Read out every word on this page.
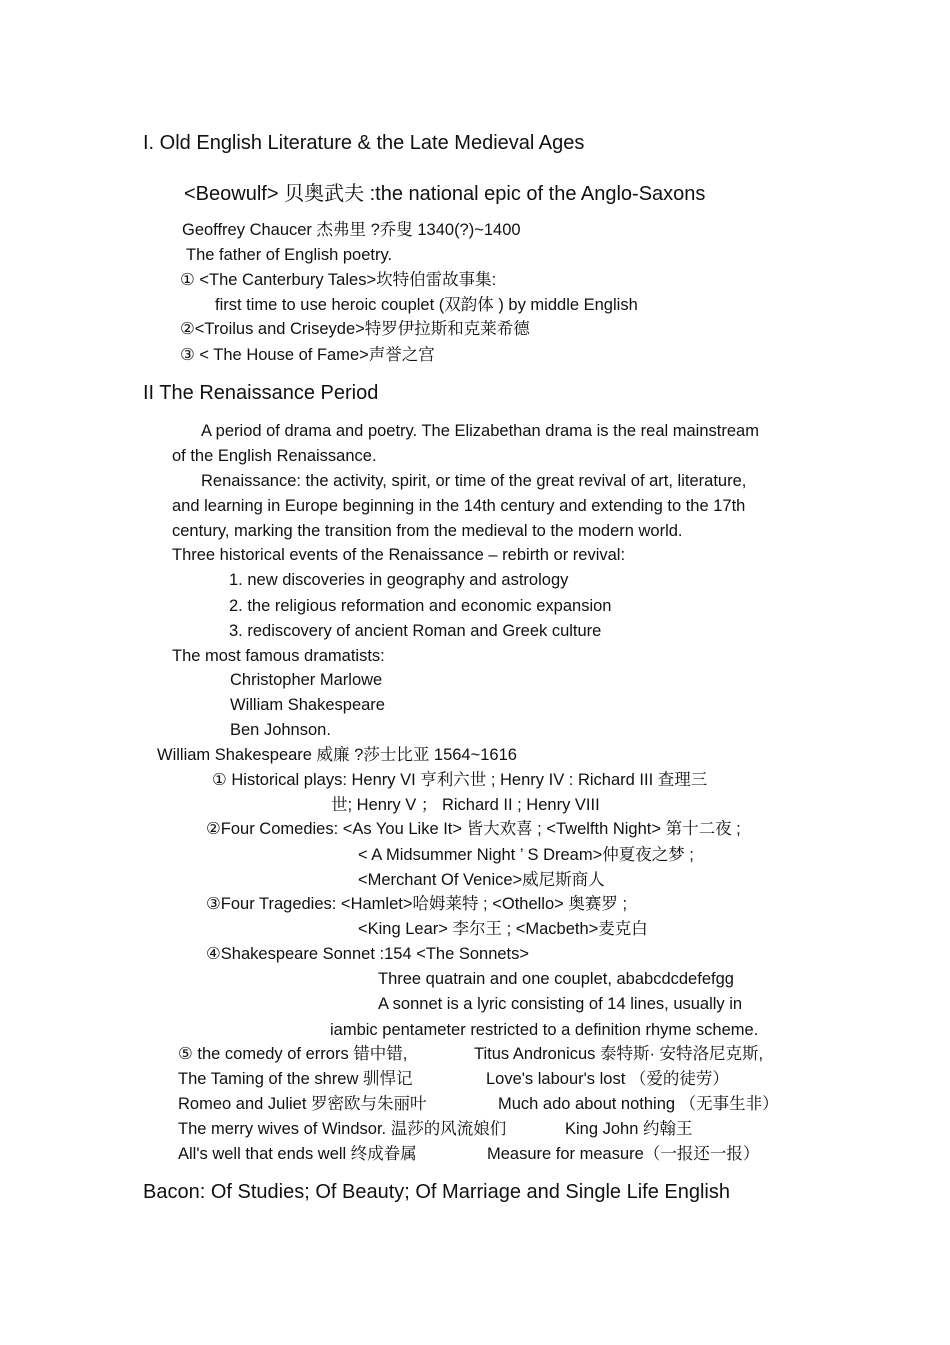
I. Old English Literature & the Late Medieval Ages
<Beowulf> 贝奥武夫 :the national epic of the Anglo-Saxons
Geoffrey Chaucer 杰弗里 ?乔叟 1340(?)~1400
The father of English poetry.
① <The Canterbury Tales>坎特伯雷故事集:
first time to use heroic couplet (双韵体 ) by middle English
②<Troilus and Criseyde>特罗伊拉斯和克莱希德
③ < The House of Fame>声誉之宫
II The Renaissance Period
A period of drama and poetry. The Elizabethan drama is the real mainstream
of the English Renaissance.
Renaissance: the activity, spirit, or time of the great revival of art, literature,
and learning in Europe beginning in the 14th century and extending to the 17th
century, marking the transition from the medieval to the modern world.
Three historical events of the Renaissance – rebirth or revival:
1. new discoveries in geography and astrology
2. the religious reformation and economic expansion
3. rediscovery of ancient Roman and Greek culture
The most famous dramatists:
Christopher Marlowe
William Shakespeare
Ben Johnson.
William Shakespeare 威廉 ?莎士比亚 1564~1616
① Historical plays: Henry VI 亨利六世 ; Henry IV : Richard III 查理三
世; Henry V ； Richard II ; Henry VIII
②Four Comedies: <As You Like It> 皆大欢喜 ; <Twelfth Night> 第十二夜 ;
< A Midsummer Night ’ S Dream>仲夏夜之梦 ;
<Merchant Of Venice>威尼斯商人
③Four Tragedies: <Hamlet>哈姆莱特 ; <Othello> 奥赛罗 ;
<King Lear> 李尔王 ; <Macbeth>麦克白
④Shakespeare Sonnet :154 <The Sonnets>
Three quatrain and one couplet, ababcdcdefefgg
A sonnet is a lyric consisting of 14 lines, usually in
iambic pentameter restricted to a definition rhyme scheme.
⑤ the comedy of errors 错中错,	Titus Andronicus 泰特斯· 安特洛尼克斯,
The Taming of the shrew 驯悍记	Love's labour's lost （爱的徒劳）
Romeo and Juliet 罗密欧与朱丽叶	Much ado about nothing （无事生非）
The merry wives of Windsor. 温莎的风流娘们	King John 约翰王
All's well that ends well 终成眷属	Measure for measure（一报还一报）
Bacon: Of Studies; Of Beauty; Of Marriage and Single Life English
